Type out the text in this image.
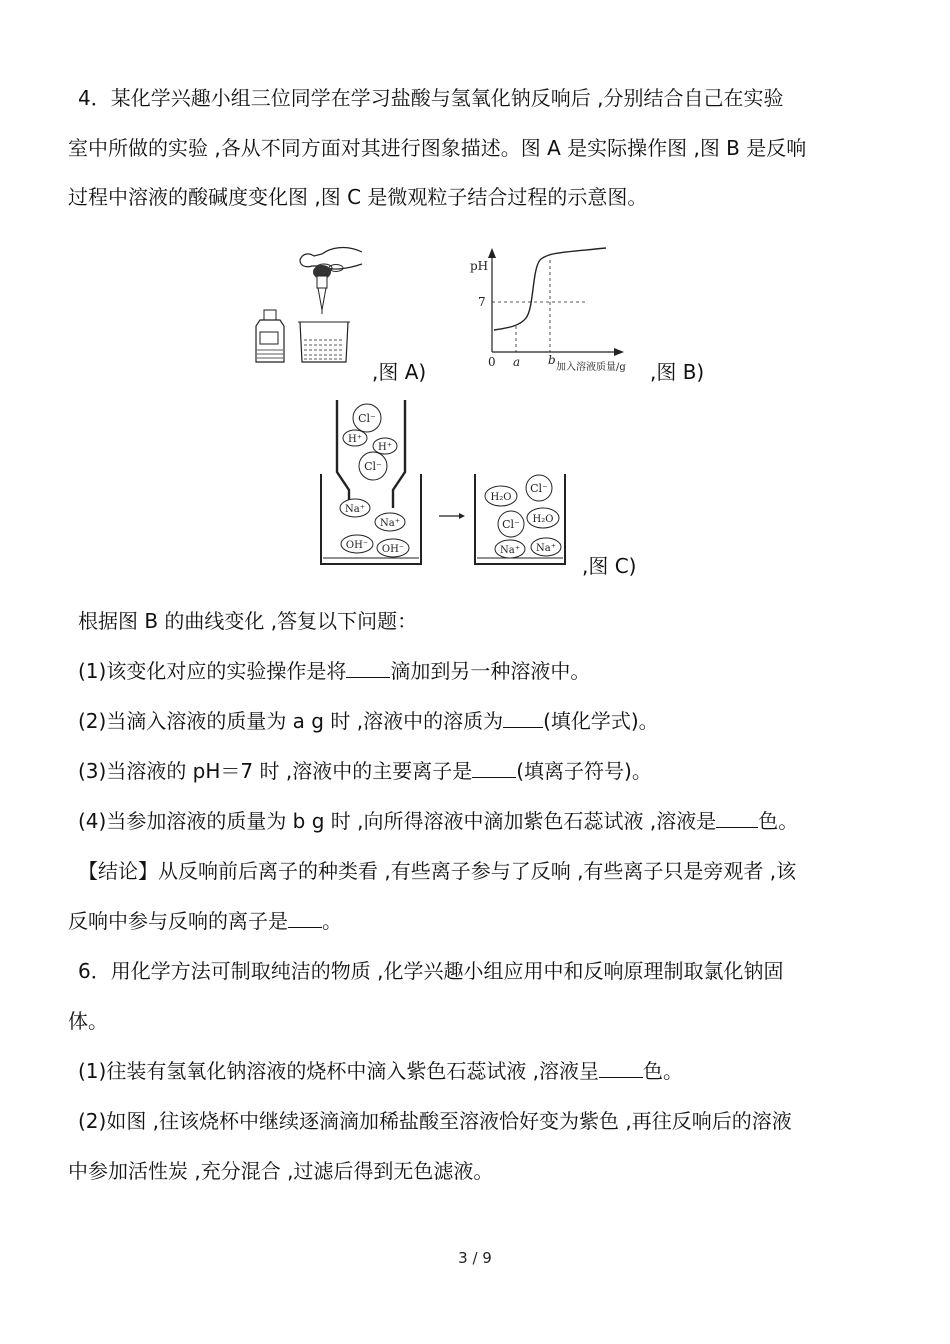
4．某化学兴趣小组三位同学在学习盐酸与氢氧化钠反响后 ,分别结合自己在实验
室中所做的实验 ,各从不同方面对其进行图象描述。图 A 是实际操作图 ,图 B 是反响
过程中溶液的酸碱度变化图 ,图 C 是微观粒子结合过程的示意图。
,图 A)
pH
7
0 a b
加入溶液质量/g ,图 B)
Cl⁻
H⁺
H⁺
Cl⁻
Na⁺
Na⁺
OH⁻ OH⁻
H₂O
Cl⁻
Cl⁻ H₂O
Na⁺ Na⁺
,图 C)
根据图 B 的曲线变化 ,答复以下问题：
(1)该变化对应的实验操作是将 滴加到另一种溶液中。
(2)当滴入溶液的质量为 a g 时 ,溶液中的溶质为 (填化学式)。
(3)当溶液的 pH＝7 时 ,溶液中的主要离子是 (填离子符号)。
(4)当参加溶液的质量为 b g 时 ,向所得溶液中滴加紫色石蕊试液 ,溶液是 色。
【结论】从反响前后离子的种类看 ,有些离子参与了反响 ,有些离子只是旁观者 ,该
反响中参与反响的离子是 。
6．用化学方法可制取纯洁的物质 ,化学兴趣小组应用中和反响原理制取氯化钠固
体。
(1)往装有氢氧化钠溶液的烧杯中滴入紫色石蕊试液 ,溶液呈 色。
(2)如图 ,往该烧杯中继续逐滴滴加稀盐酸至溶液恰好变为紫色 ,再往反响后的溶液
中参加活性炭 ,充分混合 ,过滤后得到无色滤液。
3 / 9
